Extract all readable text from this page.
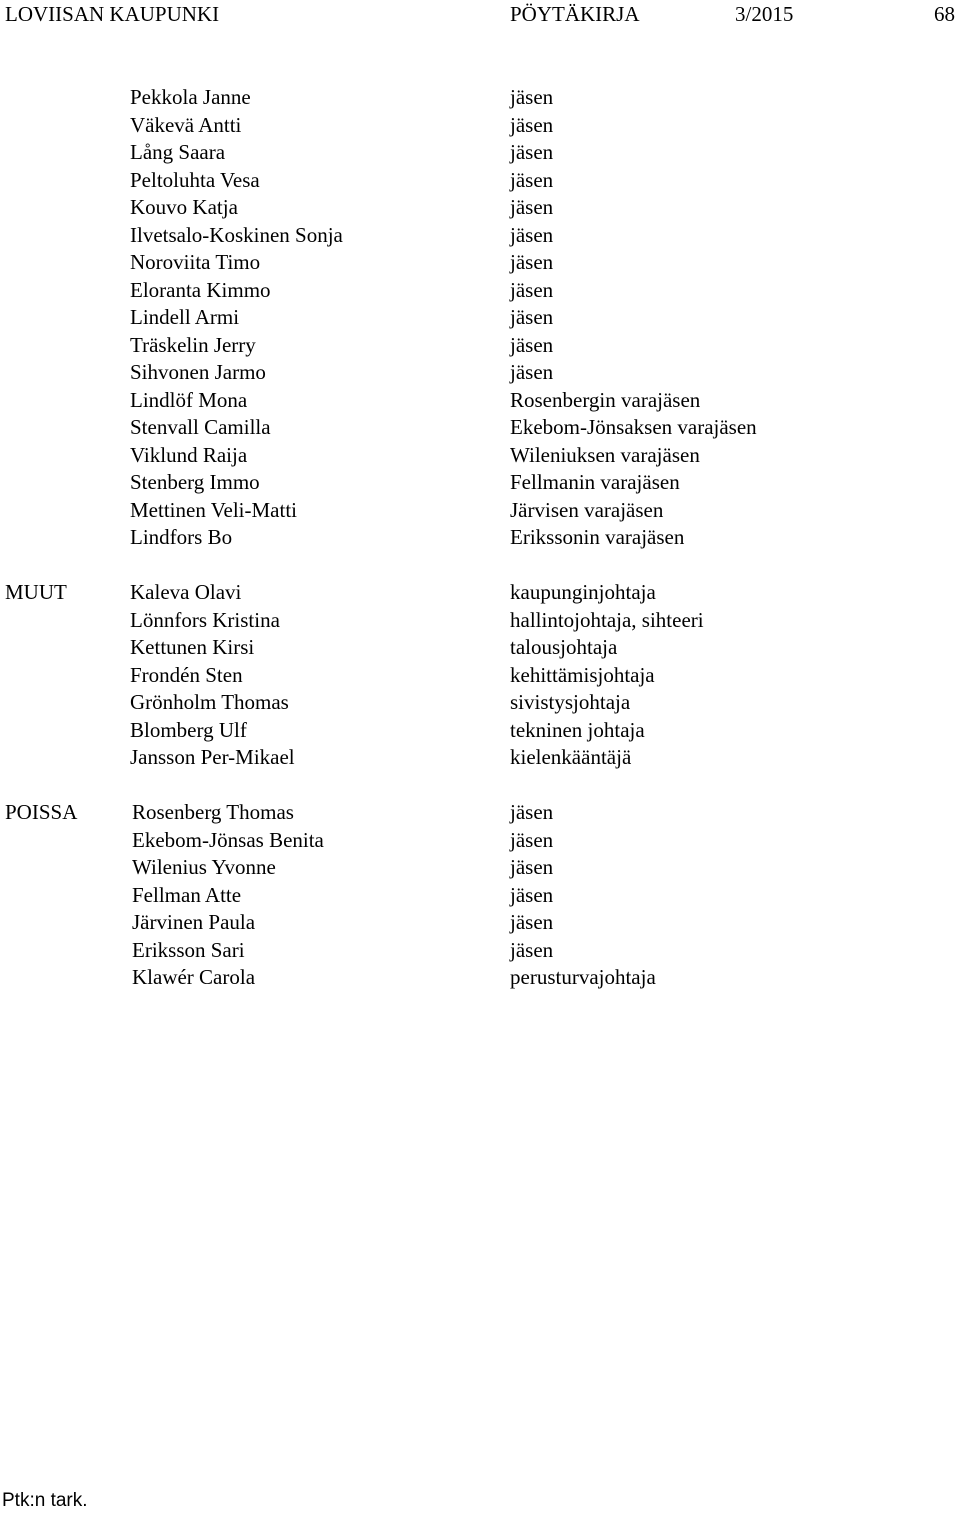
LOVIISAN KAUPUNKI	PÖYTÄKIRJA	3/2015	68
Pekkola Janne	jäsen
Väkevä Antti	jäsen
Lång Saara	jäsen
Peltoluhta Vesa	jäsen
Kouvo Katja	jäsen
Ilvetsalo-Koskinen Sonja	jäsen
Noroviita Timo	jäsen
Eloranta Kimmo	jäsen
Lindell Armi	jäsen
Träskelin Jerry	jäsen
Sihvonen Jarmo	jäsen
Lindlöf Mona	Rosenbergin varajäsen
Stenvall Camilla	Ekebom-Jönsaksen varajäsen
Viklund Raija	Wileniuksen varajäsen
Stenberg Immo	Fellmanin varajäsen
Mettinen Veli-Matti	Järvisen varajäsen
Lindfors Bo	Erikssonin varajäsen
MUUT	Kaleva Olavi	kaupunginjohtaja
Lönnfors Kristina	hallintojohtaja, sihteeri
Kettunen Kirsi	talousjohtaja
Frondén Sten	kehittämisjohtaja
Grönholm Thomas	sivistysjohtaja
Blomberg Ulf	tekninen johtaja
Jansson Per-Mikael	kielenkääntäjä
POISSA	Rosenberg Thomas	jäsen
Ekebom-Jönsas Benita	jäsen
Wilenius Yvonne	jäsen
Fellman Atte	jäsen
Järvinen Paula	jäsen
Eriksson Sari	jäsen
Klawér Carola	perusturvajohtaja
Ptk:n tark.
